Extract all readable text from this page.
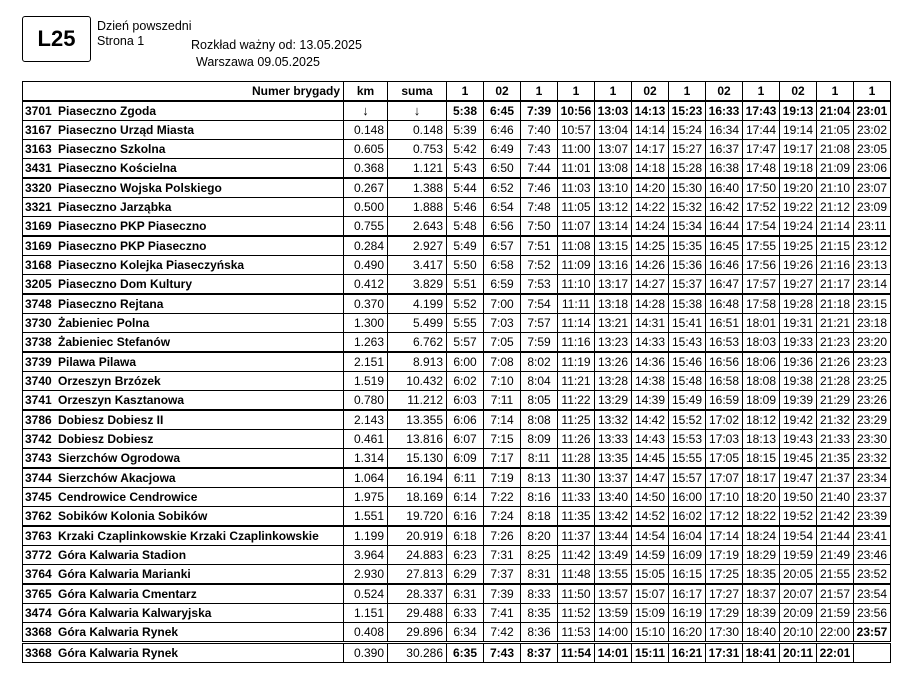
L25 Dzień powszedni
Strona 1	Rozkład ważny od: 13.05.2025
Warszawa 09.05.2025
Numer brygady	km	suma	1	02	1	1	1	02	1	02	1	02	1	1
3701 Piaseczno Zgoda	↓	↓	5:38	6:45	7:39	10:56	13:03	14:13	15:23	16:33	17:43	19:13	21:04	23:01
3167 Piaseczno Urząd Miasta	0.148	0.148	5:39	6:46	7:40	10:57	13:04	14:14	15:24	16:34	17:44	19:14	21:05	23:02
3163 Piaseczno Szkolna	0.605	0.753	5:42	6:49	7:43	11:00	13:07	14:17	15:27	16:37	17:47	19:17	21:08	23:05
3431 Piaseczno Kościelna	0.368	1.121	5:43	6:50	7:44	11:01	13:08	14:18	15:28	16:38	17:48	19:18	21:09	23:06
3320 Piaseczno Wojska Polskiego	0.267	1.388	5:44	6:52	7:46	11:03	13:10	14:20	15:30	16:40	17:50	19:20	21:10	23:07
3321 Piaseczno Jarząbka	0.500	1.888	5:46	6:54	7:48	11:05	13:12	14:22	15:32	16:42	17:52	19:22	21:12	23:09
3169 Piaseczno PKP Piaseczno	0.755	2.643	5:48	6:56	7:50	11:07	13:14	14:24	15:34	16:44	17:54	19:24	21:14	23:11
3169 Piaseczno PKP Piaseczno	0.284	2.927	5:49	6:57	7:51	11:08	13:15	14:25	15:35	16:45	17:55	19:25	21:15	23:12
3168 Piaseczno Kolejka Piaseczyńska	0.490	3.417	5:50	6:58	7:52	11:09	13:16	14:26	15:36	16:46	17:56	19:26	21:16	23:13
3205 Piaseczno Dom Kultury	0.412	3.829	5:51	6:59	7:53	11:10	13:17	14:27	15:37	16:47	17:57	19:27	21:17	23:14
3748 Piaseczno Rejtana	0.370	4.199	5:52	7:00	7:54	11:11	13:18	14:28	15:38	16:48	17:58	19:28	21:18	23:15
3730 Żabieniec Polna	1.300	5.499	5:55	7:03	7:57	11:14	13:21	14:31	15:41	16:51	18:01	19:31	21:21	23:18
3738 Żabieniec Stefanów	1.263	6.762	5:57	7:05	7:59	11:16	13:23	14:33	15:43	16:53	18:03	19:33	21:23	23:20
3739 Pilawa Pilawa	2.151	8.913	6:00	7:08	8:02	11:19	13:26	14:36	15:46	16:56	18:06	19:36	21:26	23:23
3740 Orzeszyn Brzózek	1.519	10.432	6:02	7:10	8:04	11:21	13:28	14:38	15:48	16:58	18:08	19:38	21:28	23:25
3741 Orzeszyn Kasztanowa	0.780	11.212	6:03	7:11	8:05	11:22	13:29	14:39	15:49	16:59	18:09	19:39	21:29	23:26
3786 Dobiesz Dobiesz II	2.143	13.355	6:06	7:14	8:08	11:25	13:32	14:42	15:52	17:02	18:12	19:42	21:32	23:29
3742 Dobiesz Dobiesz	0.461	13.816	6:07	7:15	8:09	11:26	13:33	14:43	15:53	17:03	18:13	19:43	21:33	23:30
3743 Sierzchów Ogrodowa	1.314	15.130	6:09	7:17	8:11	11:28	13:35	14:45	15:55	17:05	18:15	19:45	21:35	23:32
3744 Sierzchów Akacjowa	1.064	16.194	6:11	7:19	8:13	11:30	13:37	14:47	15:57	17:07	18:17	19:47	21:37	23:34
3745 Cendrowice Cendrowice	1.975	18.169	6:14	7:22	8:16	11:33	13:40	14:50	16:00	17:10	18:20	19:50	21:40	23:37
3762 Sobików Kolonia Sobików	1.551	19.720	6:16	7:24	8:18	11:35	13:42	14:52	16:02	17:12	18:22	19:52	21:42	23:39
3763 Krzaki Czaplinkowskie Krzaki Czaplinkowskie	1.199	20.919	6:18	7:26	8:20	11:37	13:44	14:54	16:04	17:14	18:24	19:54	21:44	23:41
3772 Góra Kalwaria Stadion	3.964	24.883	6:23	7:31	8:25	11:42	13:49	14:59	16:09	17:19	18:29	19:59	21:49	23:46
3764 Góra Kalwaria Marianki	2.930	27.813	6:29	7:37	8:31	11:48	13:55	15:05	16:15	17:25	18:35	20:05	21:55	23:52
3765 Góra Kalwaria Cmentarz	0.524	28.337	6:31	7:39	8:33	11:50	13:57	15:07	16:17	17:27	18:37	20:07	21:57	23:54
3474 Góra Kalwaria Kalwaryjska	1.151	29.488	6:33	7:41	8:35	11:52	13:59	15:09	16:19	17:29	18:39	20:09	21:59	23:56
3368 Góra Kalwaria Rynek	0.408	29.896	6:34	7:42	8:36	11:53	14:00	15:10	16:20	17:30	18:40	20:10	22:00	23:57
3368 Góra Kalwaria Rynek	0.390	30.286	6:35	7:43	8:37	11:54	14:01	15:11	16:21	17:31	18:41	20:11	22:01	
